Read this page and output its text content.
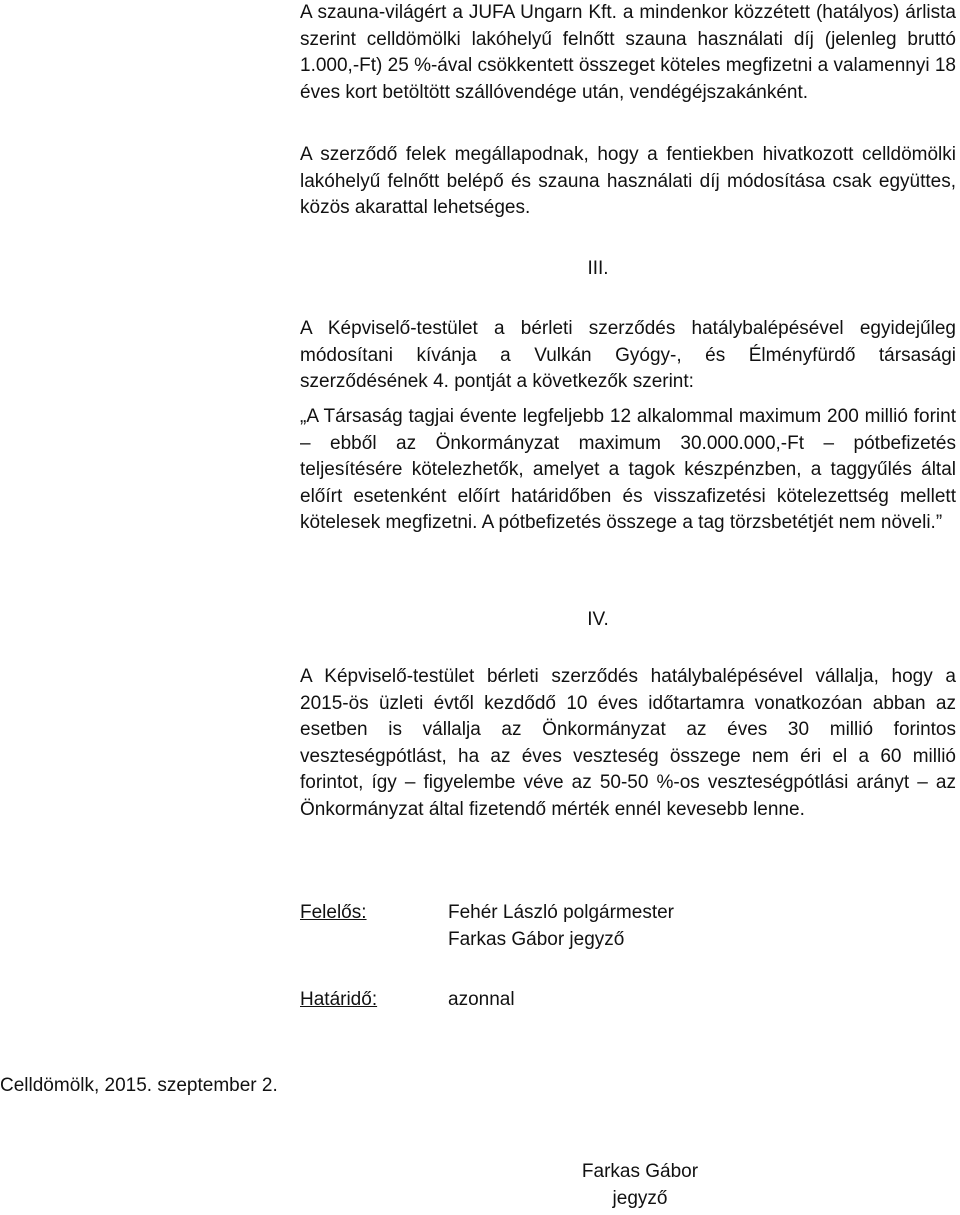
A szauna-világért a JUFA Ungarn Kft. a mindenkor közzétett (hatályos) árlista szerint celldömölki lakóhelyű felnőtt szauna használati díj (jelenleg bruttó 1.000,-Ft) 25 %-ával csökkentett összeget köteles megfizetni a valamennyi 18 éves kort betöltött szállóvendége után, vendégéjszakánként.

A szerződő felek megállapodnak, hogy a fentiekben hivatkozott celldömölki lakóhelyű felnőtt belépő és szauna használati díj módosítása csak együttes, közös akarattal lehetséges.

III.

A Képviselő-testület a bérleti szerződés hatálybalépésével egyidejűleg módosítani kívánja a Vulkán Gyógy-, és Élményfürdő társasági szerződésének 4. pontját a következők szerint:

„A Társaság tagjai évente legfeljebb 12 alkalommal maximum 200 millió forint – ebből az Önkormányzat maximum 30.000.000,-Ft – pótbefizetés teljesítésére kötelezhetők, amelyet a tagok készpénzben, a taggyűlés által előírt esetenként előírt határidőben és visszafizetési kötelezettség mellett kötelesek megfizetni. A pótbefizetés összege a tag törzsbetétjét nem növeli.”

IV.

A Képviselő-testület bérleti szerződés hatálybalépésével vállalja, hogy a 2015-ös üzleti évtől kezdődő 10 éves időtartamra vonatkozóan abban az esetben is vállalja az Önkormányzat az éves 30 millió forintos veszteségpótlást, ha az éves veszteség összege nem éri el a 60 millió forintot, így – figyelembe véve az 50-50 %-os veszteségpótlási arányt – az Önkormányzat által fizetendő mérték ennél kevesebb lenne.

Felelős:	Fehér László polgármester
Farkas Gábor jegyző
Határidő:	azonnal

Celldömölk, 2015. szeptember 2.

Farkas Gábor
jegyző
